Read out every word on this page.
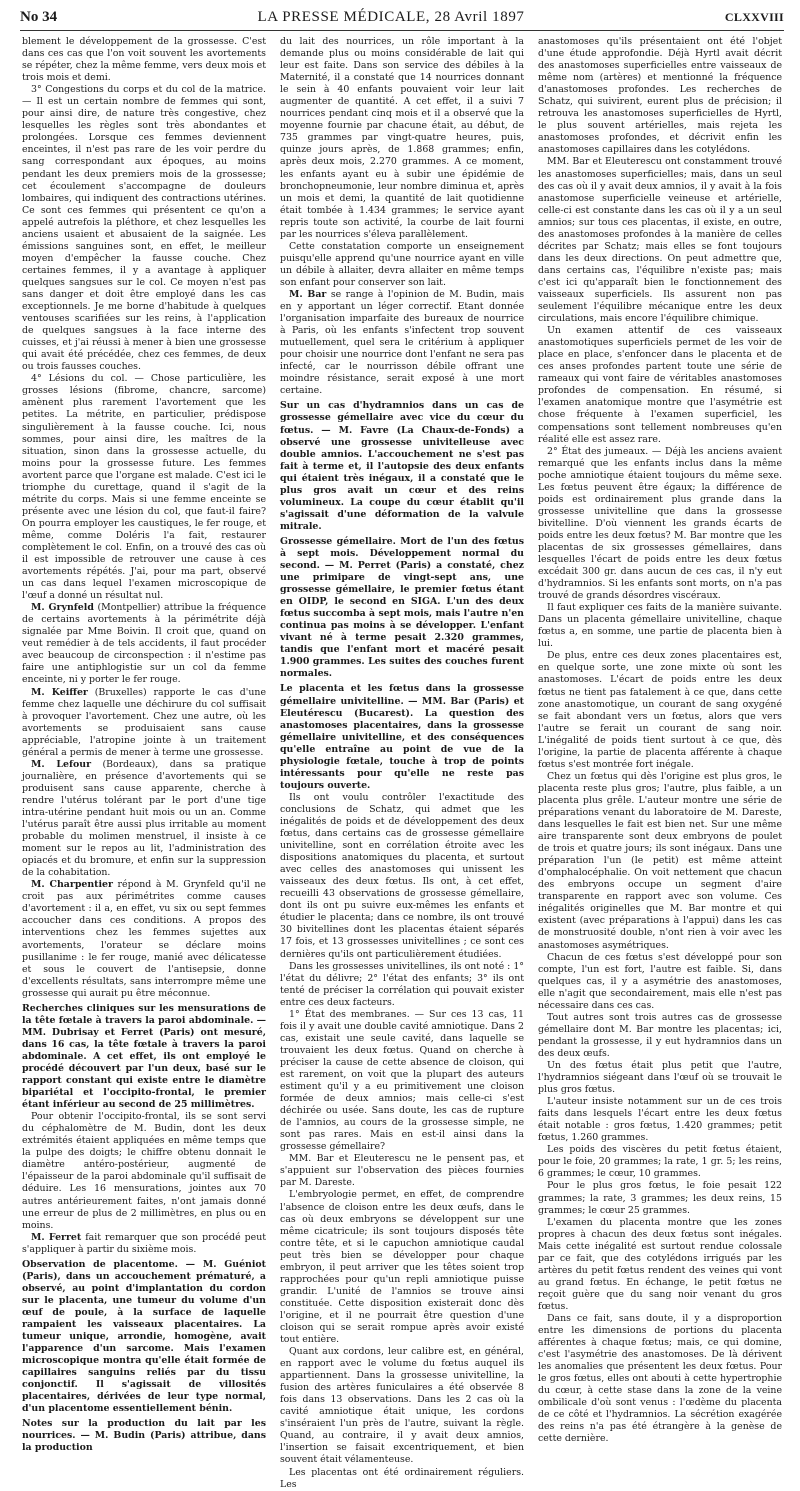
No 34	LA PRESSE MÉDICALE, 28 Avril 1897	CLXXVIII

blement le développement de la grossesse. C'est dans ces cas que l'on voit souvent les avortements se répéter, chez la même femme, vers deux mois et trois mois et demi.

3° Congestions du corps et du col de la matrice. — Il est un certain nombre de femmes qui sont, pour ainsi dire, de nature très congestive, chez lesquelles les règles sont très abondantes et prolongées. Lorsque ces femmes deviennent enceintes, il n'est pas rare de les voir perdre du sang correspondant aux époques, au moins pendant les deux premiers mois de la grossesse; cet écoulement s'accompagne de douleurs lombaires, qui indiquent des contractions utérines. Ce sont ces femmes qui présentent ce qu'on a appelé autrefois la pléthore, et chez lesquelles les anciens usaient et abusaient de la saignée. Les émissions sanguines sont, en effet, le meilleur moyen d'empêcher la fausse couche. Chez certaines femmes, il y a avantage à appliquer quelques sangsues sur le col. Ce moyen n'est pas sans danger et doit être employé dans les cas exceptionnels. Je me borne d'habitude à quelques ventouses scarifiées sur les reins, à l'application de quelques sangsues à la face interne des cuisses, et j'ai réussi à mener à bien une grossesse qui avait été précédée, chez ces femmes, de deux ou trois fausses couches.

4° Lésions du col. — Chose particulière, les grosses lésions (fibrome, chancre, sarcome) amènent plus rarement l'avortement que les petites. La métrite, en particulier, prédispose singulièrement à la fausse couche. Ici, nous sommes, pour ainsi dire, les maîtres de la situation, sinon dans la grossesse actuelle, du moins pour la grossesse future. Les femmes avortent parce que l'organe est malade. C'est ici le triomphe du curettage, quand il s'agit de la métrite du corps. Mais si une femme enceinte se présente avec une lésion du col, que faut-il faire? On pourra employer les caustiques, le fer rouge, et même, comme Doléris l'a fait, restaurer complètement le col. Enfin, on a trouvé des cas où il est impossible de retrouver une cause à ces avortements répétés. J'ai, pour ma part, observé un cas dans lequel l'examen microscopique de l'œuf a donné un résultat nul.

M. Grynfeld (Montpellier) attribue la fréquence de certains avortements à la périmétrite déjà signalée par Mme Boivin. Il croit que, quand on veut remédier à de tels accidents, il faut procéder avec beaucoup de circonspection : il n'estime pas faire une antiphlogistie sur un col da femme enceinte, ni y porter le fer rouge.

M. Keiffer (Bruxelles) rapporte le cas d'une femme chez laquelle une déchirure du col suffisait à provoquer l'avortement. Chez une autre, où les avortements se produisaient sans cause appréciable, l'atropine jointe à un traitement général a permis de mener à terme une grossesse.

M. Lefour (Bordeaux), dans sa pratique journalière, en présence d'avortements qui se produisent sans cause apparente, cherche à rendre l'utérus tolérant par le port d'une tige intra-utérine pendant huit mois ou un an. Comme l'utérus paraît être aussi plus irritable au moment probable du molimen menstruel, il insiste à ce moment sur le repos au lit, l'administration des opiacés et du bromure, et enfin sur la suppression de la cohabitation.

M. Charpentier répond à M. Grynfeld qu'il ne croit pas aux périmétrites comme causes d'avortement : il a, en effet, vu six ou sept femmes accoucher dans ces conditions. A propos des interventions chez les femmes sujettes aux avortements, l'orateur se déclare moins pusillanime : le fer rouge, manié avec délicatesse et sous le couvert de l'antisepsie, donne d'excellents résultats, sans interrompre même une grossesse qui aurait pu être méconnue.

Recherches cliniques sur les mensurations de la tête fœtale à travers la paroi abdominale. — MM. Dubrisay et Ferret (Paris) ont mesuré, dans 16 cas, la tête fœtale à travers la paroi abdominale. A cet effet, ils ont employé le procédé découvert par l'un deux, basé sur le rapport constant qui existe entre le diamètre bipariétal et l'occipito-frontal, le premier étant inférieur au second de 25 millimètres.

Pour obtenir l'occipito-frontal, ils se sont servi du céphalomètre de M. Budin, dont les deux extrémités étaient appliquées en même temps que la pulpe des doigts; le chiffre obtenu donnait le diamètre antéro-postérieur, augmenté de l'épaisseur de la paroi abdominale qu'il suffisait de déduire. Les 16 mensurations, jointes aux 70 autres antérieurement faites, n'ont jamais donné une erreur de plus de 2 millimètres, en plus ou en moins.

M. Ferret fait remarquer que son procédé peut s'appliquer à partir du sixième mois.

Observation de placentome. — M. Guéniot (Paris), dans un accouchement prématuré, a observé, au point d'implantation du cordon sur le placenta, une tumeur du volume d'un œuf de poule, à la surface de laquelle rampaient les vaisseaux placentaires. La tumeur unique, arrondie, homogène, avait l'apparence d'un sarcome. Mais l'examen microscopique montra qu'elle était formée de capillaires sanguins reliés par du tissu conjonctif. Il s'agissait de villosités placentaires, dérivées de leur type normal, d'un placentome essentiellement bénin.

Notes sur la production du lait par les nourrices. — M. Budin (Paris) attribue, dans la production

du lait des nourrices, un rôle important à la demande plus ou moins considérable de lait qui leur est faite. Dans son service des débiles à la Maternité, il a constaté que 14 nourrices donnant le sein à 40 enfants pouvaient voir leur lait augmenter de quantité. A cet effet, il a suivi 7 nourrices pendant cinq mois et il a observé que la moyenne fournie par chacune était, au début, de 735 grammes par vingt-quatre heures, puis, quinze jours après, de 1.868 grammes; enfin, après deux mois, 2.270 grammes. A ce moment, les enfants ayant eu à subir une épidémie de bronchopneumonie, leur nombre diminua et, après un mois et demi, la quantité de lait quotidienne était tombée à 1.434 grammes; le service ayant repris toute son activité, la courbe de lait fourni par les nourrices s'éleva parallèlement.

Cette constatation comporte un enseignement puisqu'elle apprend qu'une nourrice ayant en ville un débile à allaiter, devra allaiter en même temps son enfant pour conserver son lait.

M. Bar se range à l'opinion de M. Budin, mais en y apportant un léger correctif. Etant donnée l'organisation imparfaite des bureaux de nourrice à Paris, où les enfants s'infectent trop souvent mutuellement, quel sera le critérium à appliquer pour choisir une nourrice dont l'enfant ne sera pas infecté, car le nourrisson débile offrant une moindre résistance, serait exposé à une mort certaine.

Sur un cas d'hydramnios dans un cas de grossesse gémellaire avec vice du cœur du fœtus. — M. Favre (La Chaux-de-Fonds) a observé une grossesse univitelleuse avec double amnios. L'accouchement ne s'est pas fait à terme et, il l'autopsie des deux enfants qui étaient très inégaux, il a constaté que le plus gros avait un cœur et des reins volumineux. La coupe du cœur établit qu'il s'agissait d'une déformation de la valvule mitrale.

Grossesse gémellaire. Mort de l'un des fœtus à sept mois. Développement normal du second. — M. Perret (Paris) a constaté, chez une primipare de vingt-sept ans, une grossesse gémellaire, le premier fœtus étant en OIDP, le second en SIGA. L'un des deux fœtus succomba à sept mois, mais l'autre n'en continua pas moins à se développer. L'enfant vivant né à terme pesait 2.320 grammes, tandis que l'enfant mort et macéré pesait 1.900 grammes. Les suites des couches furent normales.

Le placenta et les fœtus dans la grossesse gémellaire univitelline. — MM. Bar (Paris) et Eleutérescu (Bucarest). La question des anastomoses placentaires, dans la grossesse gémellaire univitelline, et des conséquences qu'elle entraîne au point de vue de la physiologie fœtale, touche à trop de points intéressants pour qu'elle ne reste pas toujours ouverte.

Ils ont voulu contrôler l'exactitude des conclusions de Schatz, qui admet que les inégalités de poids et de développement des deux fœtus, dans certains cas de grossesse gémellaire univitelline, sont en corrélation étroite avec les dispositions anatomiques du placenta, et surtout avec celles des anastomoses qui unissent les vaisseaux des deux fœtus. Ils ont, à cet effet, recueilli 43 observations de grossesse gémellaire, dont ils ont pu suivre eux-mêmes les enfants et étudier le placenta; dans ce nombre, ils ont trouvé 30 bivitellines dont les placentas étaient séparés 17 fois, et 13 grossesses univitellines ; ce sont ces dernières qu'ils ont particulièrement étudiées.

Dans les grossesses univitellines, ils ont noté : 1° l'état du délivre; 2° l'état des enfants; 3° ils ont tenté de préciser la corrélation qui pouvait exister entre ces deux facteurs.

1° État des membranes. — Sur ces 13 cas, 11 fois il y avait une double cavité amniotique. Dans 2 cas, existait une seule cavité, dans laquelle se trouvaient les deux fœtus. Quand on cherche à préciser la cause de cette absence de cloison, qui est rarement, on voit que la plupart des auteurs estiment qu'il y a eu primitivement une cloison formée de deux amnios; mais celle-ci s'est déchirée ou usée. Sans doute, les cas de rupture de l'amnios, au cours de la grossesse simple, ne sont pas rares. Mais en est-il ainsi dans la grossesse gémellaire?

MM. Bar et Eleuterescu ne le pensent pas, et s'appuient sur l'observation des pièces fournies par M. Dareste.

L'embryologie permet, en effet, de comprendre l'absence de cloison entre les deux œufs, dans le cas où deux embryons se développent sur une même cicatricule; ils sont toujours disposés tête contre tête, et si le capuchon amniotique caudal peut très bien se développer pour chaque embryon, il peut arriver que les têtes soient trop rapprochées pour qu'un repli amniotique puisse grandir. L'unité de l'amnios se trouve ainsi constituée. Cette disposition existerait donc dès l'origine, et il ne pourrait être question d'une cloison qui se serait rompue après avoir existé tout entière.

Quant aux cordons, leur calibre est, en général, en rapport avec le volume du fœtus auquel ils appartiennent. Dans la grossesse univitelline, la fusion des artères funiculaires a été observée 8 fois dans 13 observations. Dans les 2 cas où la cavité amniotique était unique, les cordons s'inséraient l'un près de l'autre, suivant la règle. Quand, au contraire, il y avait deux amnios, l'insertion se faisait excentriquement, et bien souvent était vélamenteuse.

Les placentas ont été ordinairement réguliers. Les

anastomoses qu'ils présentaient ont été l'objet d'une étude approfondie. Déjà Hyrtl avait décrit des anastomoses superficielles entre vaisseaux de même nom (artères) et mentionné la fréquence d'anastomoses profondes. Les recherches de Schatz, qui suivirent, eurent plus de précision; il retrouva les anastomoses superficielles de Hyrtl, le plus souvent artérielles, mais rejeta les anastomoses profondes, et décrivit enfin les anastomoses capillaires dans les cotylédons.

MM. Bar et Eleuterescu ont constamment trouvé les anastomoses superficielles; mais, dans un seul des cas où il y avait deux amnios, il y avait à la fois anastomose superficielle veineuse et artérielle, celle-ci est constante dans les cas où il y a un seul amnios; sur tous ces placentas, il existe, en outre, des anastomoses profondes à la manière de celles décrites par Schatz; mais elles se font toujours dans les deux directions. On peut admettre que, dans certains cas, l'équilibre n'existe pas; mais c'est ici qu'apparaît bien le fonctionnement des vaisseaux superficiels. Ils assurent non pas seulement l'équilibre mécanique entre les deux circulations, mais encore l'équilibre chimique.

Un examen attentif de ces vaisseaux anastomotiques superficiels permet de les voir de place en place, s'enfoncer dans le placenta et de ces anses profondes partent toute une série de rameaux qui vont faire de véritables anastomoses profondes de compensation. En résumé, si l'examen anatomique montre que l'asymétrie est chose fréquente à l'examen superficiel, les compensations sont tellement nombreuses qu'en réalité elle est assez rare.

2° État des jumeaux. — Déjà les anciens avaient remarqué que les enfants inclus dans la même poche amniotique étaient toujours du même sexe. Les fœtus peuvent être égaux; la différence de poids est ordinairement plus grande dans la grossesse univitelline que dans la grossesse bivitelline. D'où viennent les grands écarts de poids entre les deux fœtus? M. Bar montre que les placentas de six grossesses gémellaires, dans lesquelles l'écart de poids entre les deux fœtus excédait 300 gr. dans aucun de ces cas, il n'y eut d'hydramnios. Si les enfants sont morts, on n'a pas trouvé de grands désordres viscéraux.

Il faut expliquer ces faits de la manière suivante. Dans un placenta gémellaire univitelline, chaque fœtus a, en somme, une partie de placenta bien à lui.

De plus, entre ces deux zones placentaires est, en quelque sorte, une zone mixte où sont les anastomoses. L'écart de poids entre les deux fœtus ne tient pas fatalement à ce que, dans cette zone anastomotique, un courant de sang oxygéné se fait abondant vers un fœtus, alors que vers l'autre se ferait un courant de sang noir. L'inégalité de poids tient surtout à ce que, dès l'origine, la partie de placenta afférente à chaque fœtus s'est montrée fort inégale.

Chez un fœtus qui dès l'origine est plus gros, le placenta reste plus gros; l'autre, plus faible, a un placenta plus grêle. L'auteur montre une série de préparations venant du laboratoire de M. Dareste, dans lesquelles le fait est bien net. Sur une même aire transparente sont deux embryons de poulet de trois et quatre jours; ils sont inégaux. Dans une préparation l'un (le petit) est même atteint d'omphalocéphalie. On voit nettement que chacun des embryons occupe un segment d'aire transparente en rapport avec son volume. Ces inégalités originelles que M. Bar montre et qui existent (avec préparations à l'appui) dans les cas de monstruosité double, n'ont rien à voir avec les anastomoses asymétriques.

Chacun de ces fœtus s'est développé pour son compte, l'un est fort, l'autre est faible. Si, dans quelques cas, il y a asymétrie des anastomoses, elle n'agit que secondairement, mais elle n'est pas nécessaire dans ces cas.

Tout autres sont trois autres cas de grossesse gémellaire dont M. Bar montre les placentas; ici, pendant la grossesse, il y eut hydramnios dans un des deux œufs.

Un des fœtus était plus petit que l'autre, l'hydramnios siégeant dans l'œuf où se trouvait le plus gros fœtus.

L'auteur insiste notamment sur un de ces trois faits dans lesquels l'écart entre les deux fœtus était notable : gros fœtus, 1.420 grammes; petit fœtus, 1.260 grammes.

Les poids des viscères du petit fœtus étaient, pour le foie, 20 grammes; la rate, 1 gr. 5; les reins, 6 grammes; le cœur, 10 grammes.

Pour le plus gros fœtus, le foie pesait 122 grammes; la rate, 3 grammes; les deux reins, 15 grammes; le cœur 25 grammes.

L'examen du placenta montre que les zones propres à chacun des deux fœtus sont inégales. Mais cette inégalité est surtout rendue colossale par ce fait, que des cotylédons irrigués par les artères du petit fœtus rendent des veines qui vont au grand fœtus. En échange, le petit fœtus ne reçoit guère que du sang noir venant du gros fœtus.

Dans ce fait, sans doute, il y a disproportion entre les dimensions de portions du placenta afférentes à chaque fœtus; mais, ce qui domine, c'est l'asymétrie des anastomoses. De là dérivent les anomalies que présentent les deux fœtus. Pour le gros fœtus, elles ont abouti à cette hypertrophie du cœur, à cette stase dans la zone de la veine ombilicale d'où sont venus : l'œdème du placenta de ce côté et l'hydramnios. La sécrétion exagérée des reins n'a pas été étrangère à la genèse de cette dernière.
